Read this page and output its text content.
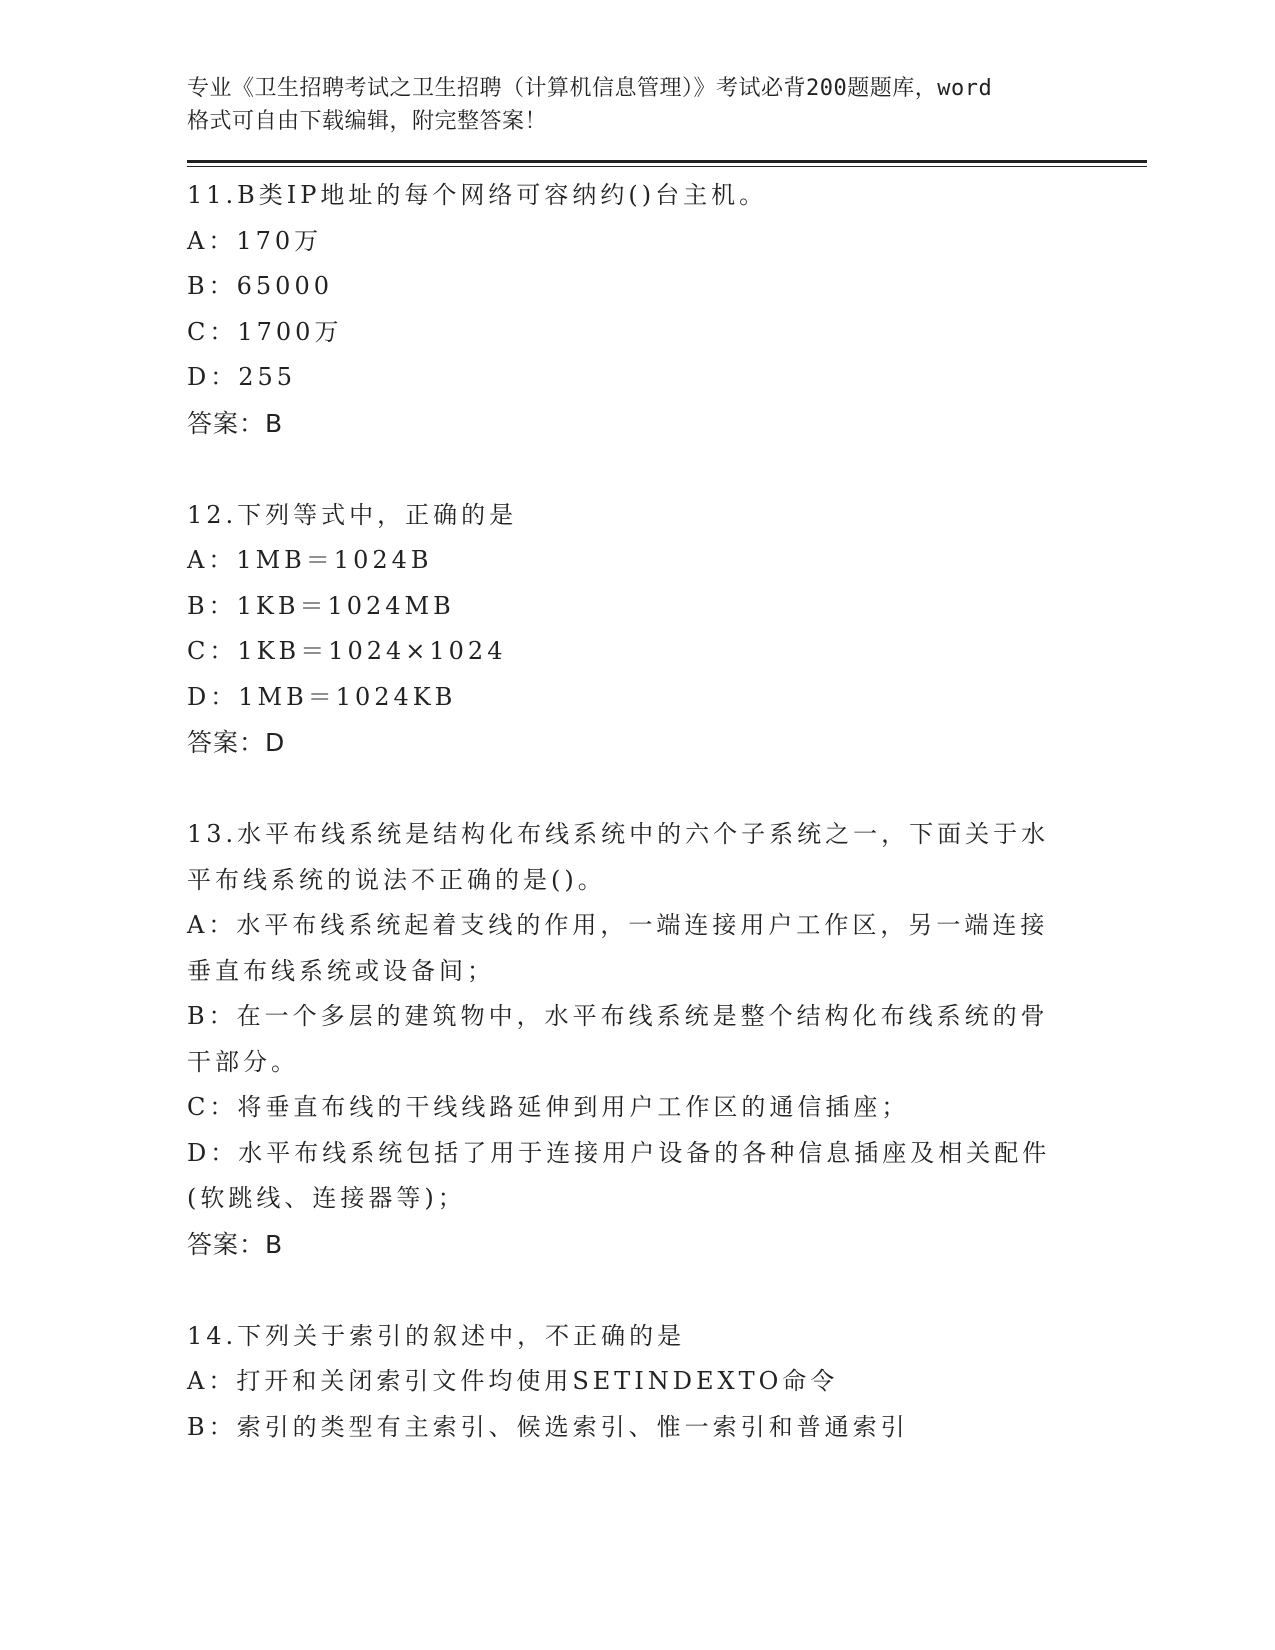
专业《卫生招聘考试之卫生招聘（计算机信息管理）》考试必背200题题库，word
格式可自由下载编辑，附完整答案！
11.B类IP地址的每个网络可容纳约()台主机。
A：170万
B：65000
C：1700万
D：255
答案：B
12.下列等式中，正确的是
A：1MB＝1024B
B：1KB＝1024MB
C：1KB＝1024×1024
D：1MB＝1024KB
答案：D
13.水平布线系统是结构化布线系统中的六个子系统之一，下面关于水
平布线系统的说法不正确的是()。
A：水平布线系统起着支线的作用，一端连接用户工作区，另一端连接
垂直布线系统或设备间；
B：在一个多层的建筑物中，水平布线系统是整个结构化布线系统的骨
干部分。
C：将垂直布线的干线线路延伸到用户工作区的通信插座；
D：水平布线系统包括了用于连接用户设备的各种信息插座及相关配件
(软跳线、连接器等)；
答案：B
14.下列关于索引的叙述中，不正确的是
A：打开和关闭索引文件均使用SETINDEXTO命令
B：索引的类型有主索引、候选索引、惟一索引和普通索引
